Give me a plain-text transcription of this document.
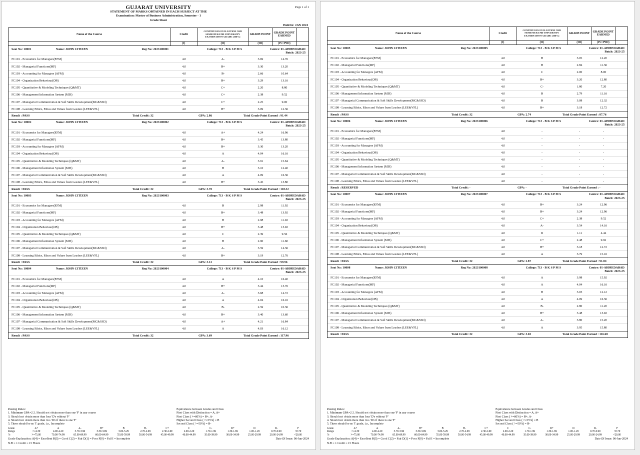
Page 1 of 1
GUJARAT UNIVERSITY
STATEMENT OF MARKS OBTAINED IN EACH SUBJECT AT THE
Examination: Master of Business Administration, Semester - 1
Grade Sheet
Held In: JAN 2024
Name of the Course	Credit
CONTINUOUS EVALUATION AND SEMESTER END UNIVERSITY EXAMINATION GRADE (100%)
GRADE POINT GRADE POINT EARNED
(I)	(II)	(III)	(IV=I*III)
Seat No: 10001	Name: JOHN CITIZEN	Reg No: 2023100001	College: 713 - B K S P M S	Centre: 01-AHMEDABAD
Batch: 2023-25
FC101 - Economics for Managers(EFM)	4.0	A-	3.69	14.76
FC102 - Managerial Functions(MF)	4.0	B+	3.30	13.20
FC103 - Accounting for Managers (AFM)	4.0	B-	2.66	10.64
FC104 - Organization Behaviour(OB)	4.0	B+	3.29	13.16
FC105 - Quantitative & Modeling Techniques (Q&MT)	4.0	C+	2.20	8.80
FC106 - Management Information System (MIS)	4.0	C+	2.38	9.52
FC107 - Managerial Communication & Soft Skills Development(MC&SSD)	4.0	C+	2.25	9.00
FC108 - Learning Ethics, Ethos and Values from Leaders (LEE&VFL)	4.0	B+	3.09	12.36
Result : PASS	Total Credit: 32	GPA: 2.86	Total Grade Point Earned : 91.44
Seat No: 10002	Name: JOHN CITIZEN	Reg No: 2023100002	College: 713 - B K S P M S	Centre: 01-AHMEDABAD
Batch: 2023-25
FC101 - Economics for Managers(EFM)	4.0	A+	4.24	16.96
FC102 - Managerial Functions(MF)	4.0	B+	3.45	13.80
FC103 - Accounting for Managers (AFM)	4.0	B+	3.30	13.20
FC104 - Organization Behaviour(OB)	4.0	A	4.04	16.16
FC105 - Quantitative & Modeling Techniques (Q&MT)	4.0	A-	3.91	15.64
FC106 - Management Information System (MIS)	4.0	B	3.10	12.40
FC107 - Managerial Communication & Soft Skills Development(MC&SSD)	4.0	A	4.09	16.36
FC108 - Learning Ethics, Ethos and Values from Leaders (LEE&VFL)	4.0	B+	3.45	13.80
Result : PASS	Total Credit: 32	GPA: 3.70	Total Grade Point Earned : 118.32
Seat No: 10003	Name: JOHN CITIZEN	Reg No: 2023100003	College: 713 - B K S P M S	Centre: 01-AHMEDABAD
Batch: 2023-25
FC101 - Economics for Managers(EFM)	4.0	B	2.98	11.92
FC102 - Managerial Functions(MF)	4.0	B+	3.48	13.92
FC103 - Accounting for Managers (AFM)	4.0	B	2.98	11.92
FC104 - Organization Behaviour(OB)	4.0	B+	3.48	13.92
FC105 - Quantitative & Modeling Techniques (Q&MT)	4.0	C	2.39	9.56
FC106 - Management Information System (MIS)	4.0	B	2.90	11.60
FC107 - Managerial Communication & Soft Skills Development(MC&SSD)	4.0	A-	3.59	14.36
FC108 - Learning Ethics, Ethos and Values from Leaders (LEE&VFL)	4.0	B+	3.19	12.76
Result : PASS	Total Credit: 32	GPA: 3.12	Total Grade Point Earned : 99.96
Seat No: 10004	Name: JOHN CITIZEN	Reg No: 2023100004	College: 713 - B K S P M S	Centre: 01-AHMEDABAD
Batch: 2023-25
FC101 - Economics for Managers(EFM)	4.0	A	4.10	16.40
FC102 - Managerial Functions(MF)	4.0	B+	3.44	13.76
FC103 - Accounting for Managers (AFM)	4.0	A-	3.68	14.72
FC104 - Organization Behaviour(OB)	4.0	A	4.04	16.16
FC105 - Quantitative & Modeling Techniques (Q&MT)	4.0	B-	2.59	10.36
FC106 - Management Information System (MIS)	4.0	B+	3.40	13.60
FC107 - Managerial Communication & Soft Skills Development(MC&SSD)	4.0	A+	4.21	16.84
FC108 - Learning Ethics, Ethos and Values from Leaders (LEE&VFL)	4.0	A	4.03	16.12
Result : PASS	Total Credit: 32	GPA: 3.69	Total Grade Point Earned : 117.96
Passing Rules:
1. Minimum GPA=2 2. Should not obtain more than one 'F' in any course
3. Should not obtain more than four 'D's without 'F'
4. Should not obtain more than two 'D's if there is one 'F'
5. There should be no 'I' grade, i.e., Incomplete
Equivalence between Grades and Class
First Class with Distinction = A, A+
First Class ( >=60%) = B+, A-
Higher Second Class ( >=55%) = B
Second Class ( >=50%) = B-
Grade	A+	A	A-	B+	B	B-	C+	C	C-	D+	D	D-	F
Range	>=4.30	4.00-4.29	3.70-3.99	3.30-3.69	3.00-3.29	2.70-2.99	2.30-2.69	2.00-2.29	1.70-1.99	1.30-1.69	1.00-1.29	0.70-0.99	<0.70
%	>=75.00	70.00-74.99	65.00-69.99	60.00-64.99	55.00-59.99	50.00-54.99	45.00-49.99	40.00-44.99	35.00-39.99	30.00-34.99	25.00-29.99	20.00-24.99	<20.00
Grade Explanation: A(4) = Excellent B(3) = Good C(2) = Fair D(1) = Poor F(0) = Fail I = Incomplete	Date Of Issue: 06-Jun-2024
N.B = 1 Credit = 15 Hours
Name of the Course	Credit
CONTINUOUS EVALUATION AND SEMESTER END UNIVERSITY EXAMINATION GRADE (100%)
GRADE POINT GRADE POINT EARNED
(I)	(II)	(III)	(IV=I*III)
Seat No: 10005	Name: JOHN CITIZEN	Reg No: 2023100005	College: 713 - B K S P M S	Centre: 01-AHMEDABAD
Batch: 2023-25
FC101 - Economics for Managers(EFM)	4.0	B	3.05	12.20
FC102 - Managerial Functions(MF)	4.0	B	2.84	11.36
FC103 - Accounting for Managers (AFM)	4.0	C	2.00	8.00
FC104 - Organization Behaviour(OB)	4.0	B+	3.20	12.80
FC105 - Quantitative & Modeling Techniques (Q&MT)	4.0	C-	1.80	7.20
FC106 - Management Information System (MIS)	4.0	B	2.79	11.16
FC107 - Managerial Communication & Soft Skills Development(MC&SSD)	4.0	B	3.08	12.32
FC108 - Learning Ethics, Ethos and Values from Leaders (LEE&VFL)	4.0	B+	3.18	12.72
Result : PASS	Total Credit: 32	GPA: 2.74	Total Grade Point Earned : 87.76
Seat No: 10006	Name: JOHN CITIZEN	Reg No: 2023100006	College: 713 - B K S P M S	Centre: 01-AHMEDABAD
Batch: 2023-25
FC101 - Economics for Managers(EFM)	4.0	-	-	-
FC102 - Managerial Functions(MF)	4.0	-	-	-
FC103 - Accounting for Managers (AFM)	4.0	-	-	-
FC104 - Organization Behaviour(OB)	4.0	-	-	-
FC105 - Quantitative & Modeling Techniques (Q&MT)	4.0	-	-	-
FC106 - Management Information System (MIS)	4.0	-	-	-
FC107 - Managerial Communication & Soft Skills Development(MC&SSD)	4.0	-	-	-
FC108 - Learning Ethics, Ethos and Values from Leaders (LEE&VFL)	4.0	-	-	-
Result : RESERVED	Total Credit: -	GPA: -	Total Grade Point Earned : -
Seat No: 10007	Name: JOHN CITIZEN	Reg No: 2023100007	College: 713 - B K S P M S	Centre: 01-AHMEDABAD
Batch: 2023-25
FC101 - Economics for Managers(EFM)	4.0	B+	3.24	12.96
FC102 - Managerial Functions(MF)	4.0	B+	3.24	12.96
FC103 - Accounting for Managers (AFM)	4.0	C+	2.38	9.52
FC104 - Organization Behaviour(OB)	4.0	A-	3.54	14.16
FC105 - Quantitative & Modeling Techniques (Q&MT)	4.0	D	1.11	4.44
FC106 - Management Information System (MIS)	4.0	C+	2.48	9.92
FC107 - Managerial Communication & Soft Skills Development(MC&SSD)	4.0	B+	3.18	12.72
FC108 - Learning Ethics, Ethos and Values from Leaders (LEE&VFL)	4.0	A	3.79	15.16
Result : PASS	Total Credit: 32	GPA: 2.87	Total Grade Point Earned : 91.84
Seat No: 10008	Name: JOHN CITIZEN	Reg No: 2023100008	College: 713 - B K S P M S	Centre: 01-AHMEDABAD
Batch: 2023-25
FC101 - Economics for Managers(EFM)	4.0	A	3.98	15.92
FC102 - Managerial Functions(MF)	4.0	A	4.04	16.16
FC103 - Accounting for Managers (AFM)	4.0	B	3.03	12.12
FC104 - Organization Behaviour(OB)	4.0	A	4.09	16.36
FC105 - Quantitative & Modeling Techniques (Q&MT)	4.0	B-	2.80	11.20
FC106 - Management Information System (MIS)	4.0	B+	3.48	13.92
FC107 - Managerial Communication & Soft Skills Development(MC&SSD)	4.0	A-	3.80	15.20
FC108 - Learning Ethics, Ethos and Values from Leaders (LEE&VFL)	4.0	A	3.95	15.80
Result : PASS	Total Credit: 32	GPA: 3.65	Total Grade Point Earned : 116.68
Passing Rules:
1. Minimum GPA=2 2. Should not obtain more than one 'F' in any course
3. Should not obtain more than four 'D's without 'F'
4. Should not obtain more than two 'D's if there is one 'F'
5. There should be no 'I' grade, i.e., Incomplete
Equivalence between Grades and Class
First Class with Distinction = A, A+
First Class ( >=60%) = B+, A-
Higher Second Class ( >=55%) = B
Second Class ( >=50%) = B-
Grade	A+	A	A-	B+	B	B-	C+	C	C-	D+	D	D-	F
Range	>=4.30	4.00-4.29	3.70-3.99	3.30-3.69	3.00-3.29	2.70-2.99	2.30-2.69	2.00-2.29	1.70-1.99	1.30-1.69	1.00-1.29	0.70-0.99	<0.70
%	>=75.00	70.00-74.99	65.00-69.99	60.00-64.99	55.00-59.99	50.00-54.99	45.00-49.99	40.00-44.99	35.00-39.99	30.00-34.99	25.00-29.99	20.00-24.99	<20.00
Grade Explanation: A(4) = Excellent B(3) = Good C(2) = Fair D(1) = Poor F(0) = Fail I = Incomplete	Date Of Issue: 06-Jun-2024
N.B = 1 Credit = 15 Hours
